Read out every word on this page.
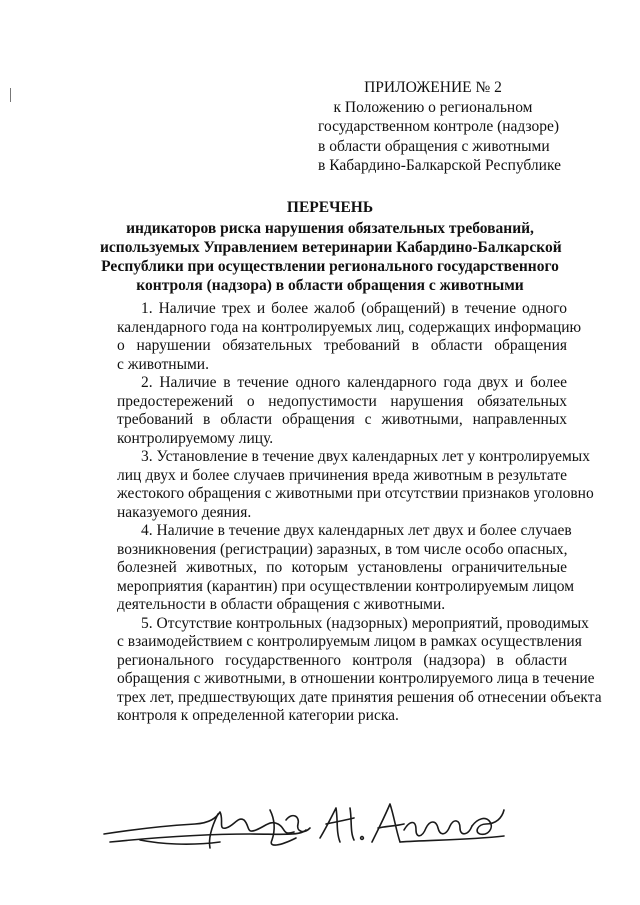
ПРИЛОЖЕНИЕ № 2
к Положению о региональном
государственном контроле (надзоре)
в области обращения с животными
в Кабардино-Балкарской Республике
ПЕРЕЧЕНЬ
индикаторов риска нарушения обязательных требований,
используемых Управлением ветеринарии Кабардино-Балкарской
Республики при осуществлении регионального государственного
контроля (надзора) в области обращения с животными
1. Наличие трех и более жалоб (обращений) в течение одного
календарного года на контролируемых лиц, содержащих информацию
о нарушении обязательных требований в области обращения
с животными.
2. Наличие в течение одного календарного года двух и более
предостережений о недопустимости нарушения обязательных
требований в области обращения с животными, направленных
контролируемому лицу.
3. Установление в течение двух календарных лет у контролируемых
лиц двух и более случаев причинения вреда животным в результате
жестокого обращения с животными при отсутствии признаков уголовно
наказуемого деяния.
4. Наличие в течение двух календарных лет двух и более случаев
возникновения (регистрации) заразных, в том числе особо опасных,
болезней животных, по которым установлены ограничительные
мероприятия (карантин) при осуществлении контролируемым лицом
деятельности в области обращения с животными.
5. Отсутствие контрольных (надзорных) мероприятий, проводимых
с взаимодействием с контролируемым лицом в рамках осуществления
регионального государственного контроля (надзора) в области
обращения с животными, в отношении контролируемого лица в течение
трех лет, предшествующих дате принятия решения об отнесении объекта
контроля к определенной категории риска.
